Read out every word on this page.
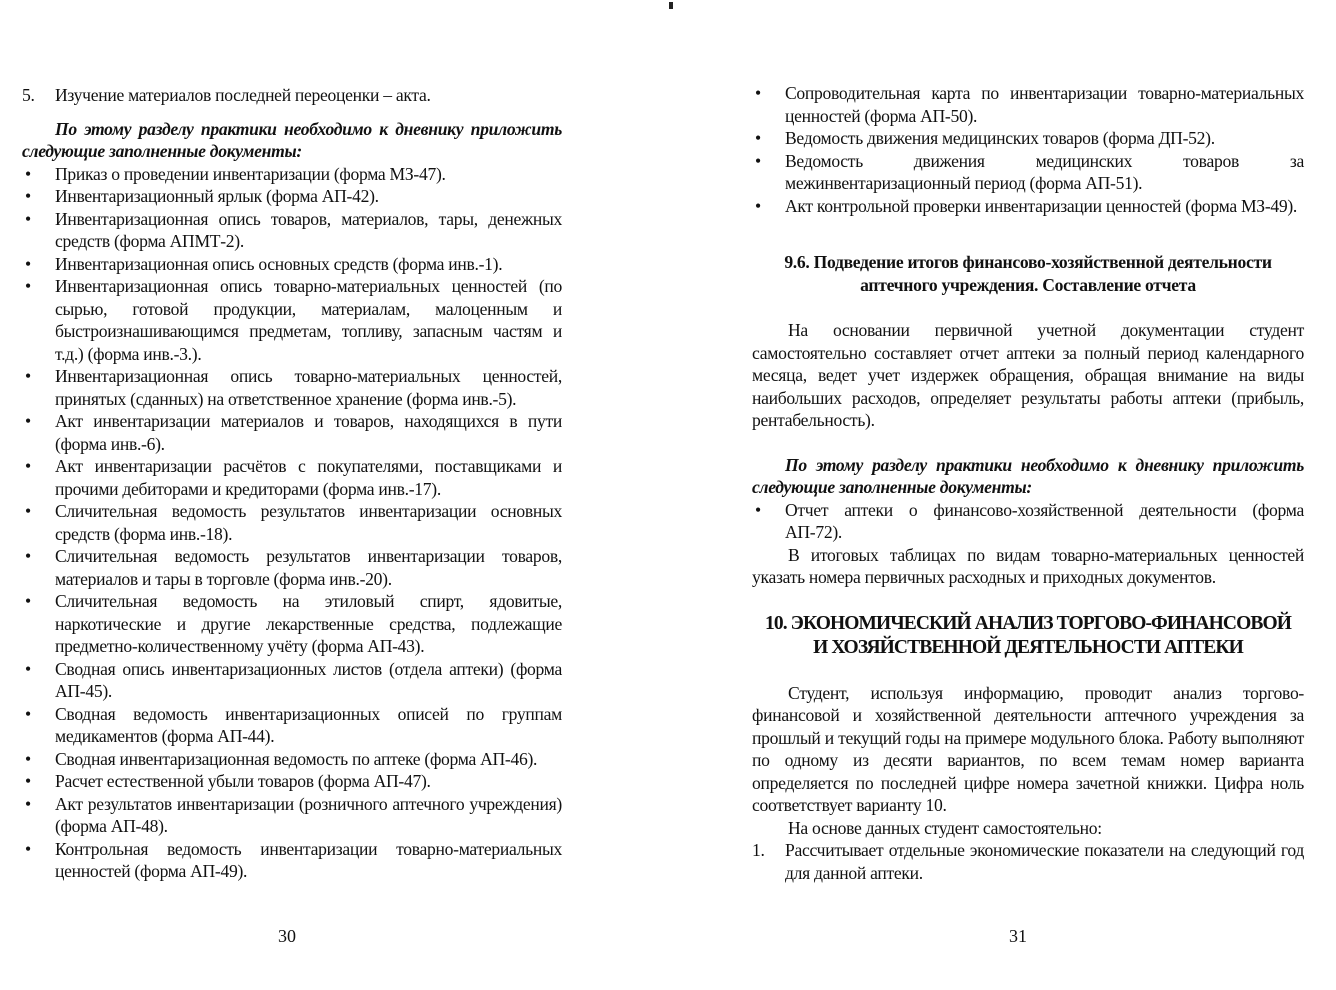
5.	Изучение материалов последней переоценки – акта.

По этому разделу практики необходимо к дневнику приложить следующие заполненные документы:

•	Приказ о проведении инвентаризации (форма МЗ-47).
•	Инвентаризационный ярлык (форма АП-42).
•	Инвентаризационная опись товаров, материалов, тары, денежных средств (форма АПМТ-2).
•	Инвентаризационная опись основных средств (форма инв.-1).
•	Инвентаризационная опись товарно-материальных ценностей (по сырью, готовой продукции, материалам, малоценным и быстроизнашивающимся предметам, топливу, запасным частям и т.д.) (форма инв.-3.).
•	Инвентаризационная опись товарно-материальных ценностей, принятых (сданных) на ответственное хранение (форма инв.-5).
•	Акт инвентаризации материалов и товаров, находящихся в пути (форма инв.-6).
•	Акт инвентаризации расчётов с покупателями, поставщиками и прочими дебиторами и кредиторами (форма инв.-17).
•	Сличительная ведомость результатов инвентаризации основных средств (форма инв.-18).
•	Сличительная ведомость результатов инвентаризации товаров, материалов и тары в торговле (форма инв.-20).
•	Сличительная ведомость на этиловый спирт, ядовитые, наркотические и другие лекарственные средства, подлежащие предметно-количественному учёту (форма АП-43).
•	Сводная опись инвентаризационных листов (отдела аптеки) (форма АП-45).
•	Сводная ведомость инвентаризационных описей по группам медикаментов (форма АП-44).
•	Сводная инвентаризационная ведомость по аптеке (форма АП-46).
•	Расчет естественной убыли товаров (форма АП-47).
•	Акт результатов инвентаризации (розничного аптечного учреждения) (форма АП-48).
•	Контрольная ведомость инвентаризации товарно-материальных ценностей (форма АП-49).
30
•	Сопроводительная карта по инвентаризации товарно-материальных ценностей (форма АП-50).
•	Ведомость движения медицинских товаров (форма ДП-52).
•	Ведомость движения медицинских товаров за межинвентаризационный период (форма АП-51).
•	Акт контрольной проверки инвентаризации ценностей (форма МЗ-49).

9.6. Подведение итогов финансово-хозяйственной деятельности аптечного учреждения. Составление отчета

На основании первичной учетной документации студент самостоятельно составляет отчет аптеки за полный период календарного месяца, ведет учет издержек обращения, обращая внимание на виды наибольших расходов, определяет результаты работы аптеки (прибыль, рентабельность).

По этому разделу практики необходимо к дневнику приложить следующие заполненные документы:

•	Отчет аптеки о финансово-хозяйственной деятельности (форма АП-72).

В итоговых таблицах по видам товарно-материальных ценностей указать номера первичных расходных и приходных документов.

10. ЭКОНОМИЧЕСКИЙ АНАЛИЗ ТОРГОВО-ФИНАНСОВОЙ
И ХОЗЯЙСТВЕННОЙ ДЕЯТЕЛЬНОСТИ АПТЕКИ

Студент, используя информацию, проводит анализ торгово-финансовой и хозяйственной деятельности аптечного учреждения за прошлый и текущий годы на примере модульного блока. Работу выполняют по одному из десяти вариантов, по всем темам номер варианта определяется по последней цифре номера зачетной книжки. Цифра ноль соответствует варианту 10.

На основе данных студент самостоятельно:

1.	Рассчитывает отдельные экономические показатели на следующий год для данной аптеки.
31
